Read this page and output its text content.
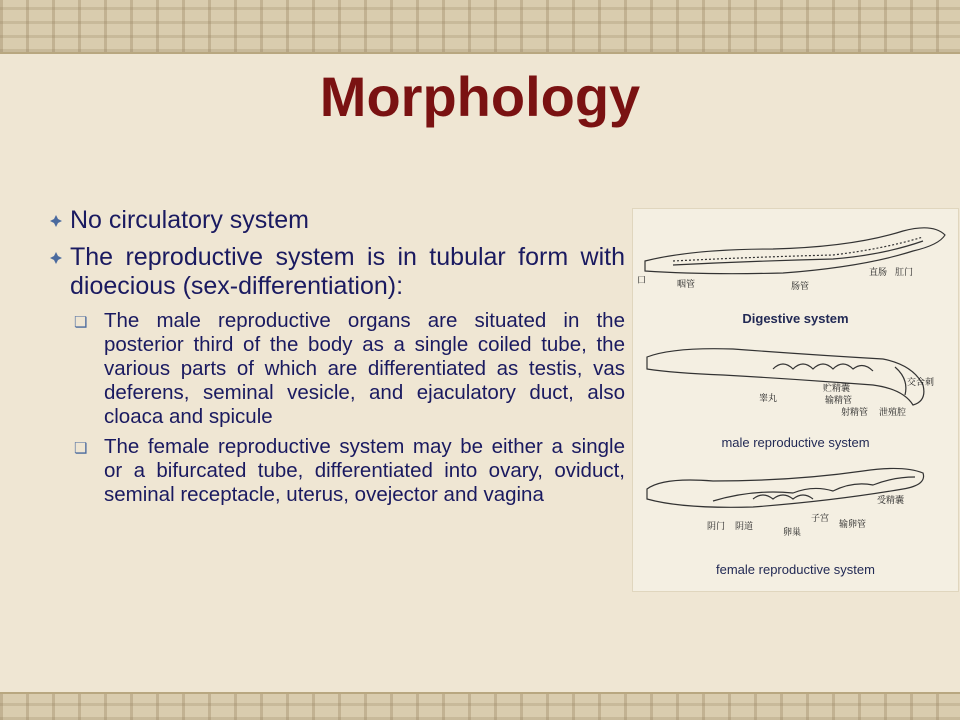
Morphology
No circulatory system
The reproductive system is in tubular form with dioecious (sex-differentiation):
❏ The male reproductive organs are situated in the posterior third of the body as a single coiled tube, the various parts of which are differentiated as testis, vas deferens, seminal vesicle, and ejaculatory duct, also cloaca and spicule
❏ The female reproductive system may be either a single or a bifurcated tube, differentiated into ovary, oviduct, seminal receptacle, uterus, ovejector and vagina
口	咽管	肠管
直肠 肛门
睾丸
贮精囊
输精管
射精管 泄殖腔
交合刺
阴门 阴道
卵巢
子宫
输卵管
受精囊
Digestive system
male reproductive system
female reproductive system
